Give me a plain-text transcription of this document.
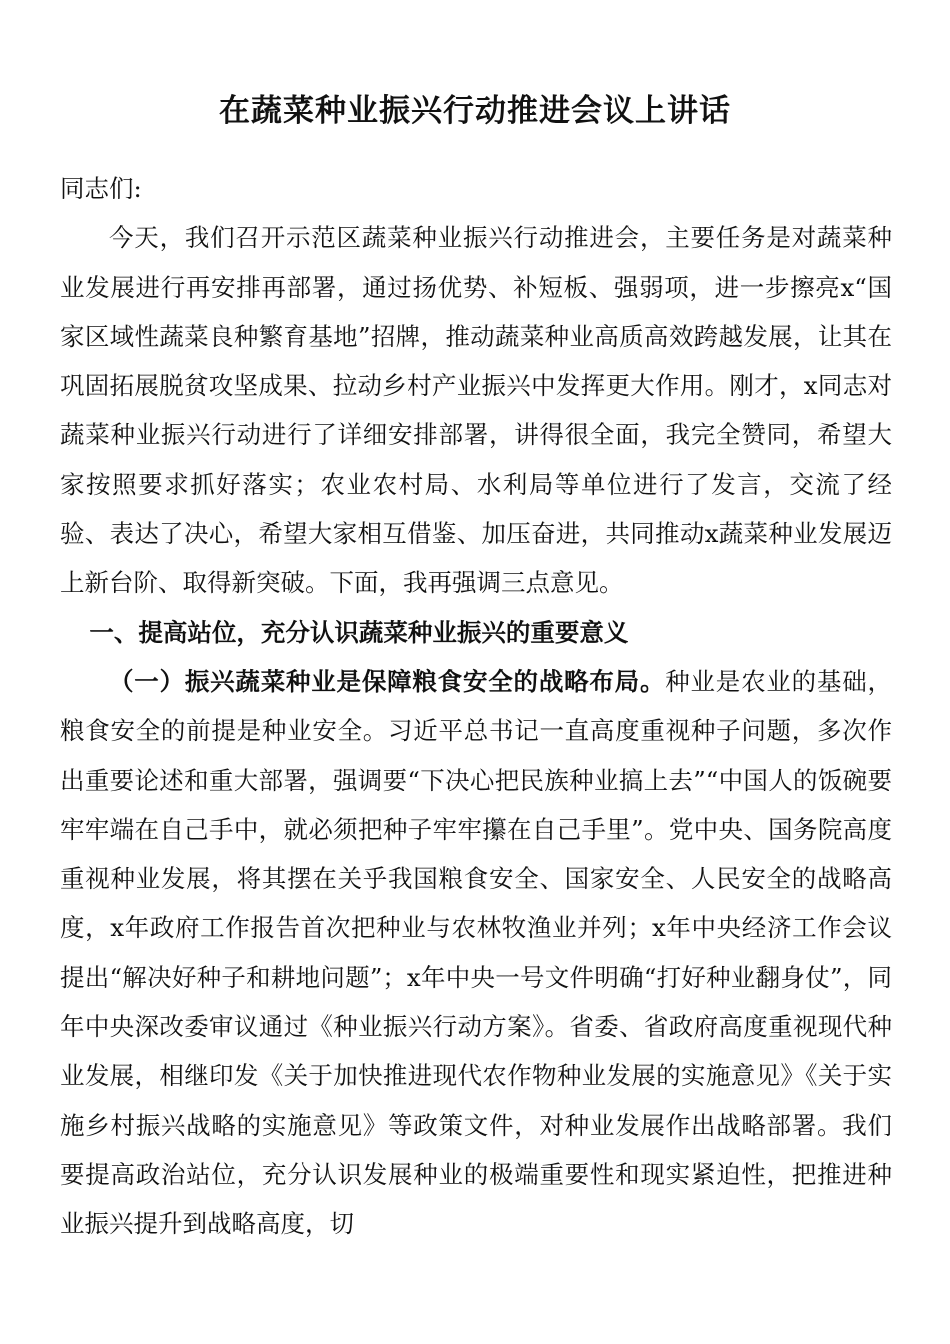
在蔬菜种业振兴行动推进会议上讲话

同志们:

今天，我们召开示范区蔬菜种业振兴行动推进会，主要任务是对蔬菜种业发展进行再安排再部署，通过扬优势、补短板、强弱项，进一步擦亮x“国家区域性蔬菜良种繁育基地”招牌，推动蔬菜种业高质高效跨越发展，让其在巩固拓展脱贫攻坚成果、拉动乡村产业振兴中发挥更大作用。刚才，x同志对蔬菜种业振兴行动进行了详细安排部署，讲得很全面，我完全赞同，希望大家按照要求抓好落实；农业农村局、水利局等单位进行了发言，交流了经验、表达了决心，希望大家相互借鉴、加压奋进，共同推动x蔬菜种业发展迈上新台阶、取得新突破。下面，我再强调三点意见。

一、提高站位，充分认识蔬菜种业振兴的重要意义

（一）振兴蔬菜种业是保障粮食安全的战略布局。种业是农业的基础，粮食安全的前提是种业安全。习近平总书记一直高度重视种子问题，多次作出重要论述和重大部署，强调要“下决心把民族种业搞上去”“中国人的饭碗要牢牢端在自己手中，就必须把种子牢牢攥在自己手里”。党中央、国务院高度重视种业发展，将其摆在关乎我国粮食安全、国家安全、人民安全的战略高度，x年政府工作报告首次把种业与农林牧渔业并列；x年中央经济工作会议提出“解决好种子和耕地问题”；x年中央一号文件明确“打好种业翻身仗”，同年中央深改委审议通过《种业振兴行动方案》。省委、省政府高度重视现代种业发展，相继印发《关于加快推进现代农作物种业发展的实施意见》《关于实施乡村振兴战略的实施意见》等政策文件，对种业发展作出战略部署。我们要提高政治站位，充分认识发展种业的极端重要性和现实紧迫性，把推进种业振兴提升到战略高度，切
